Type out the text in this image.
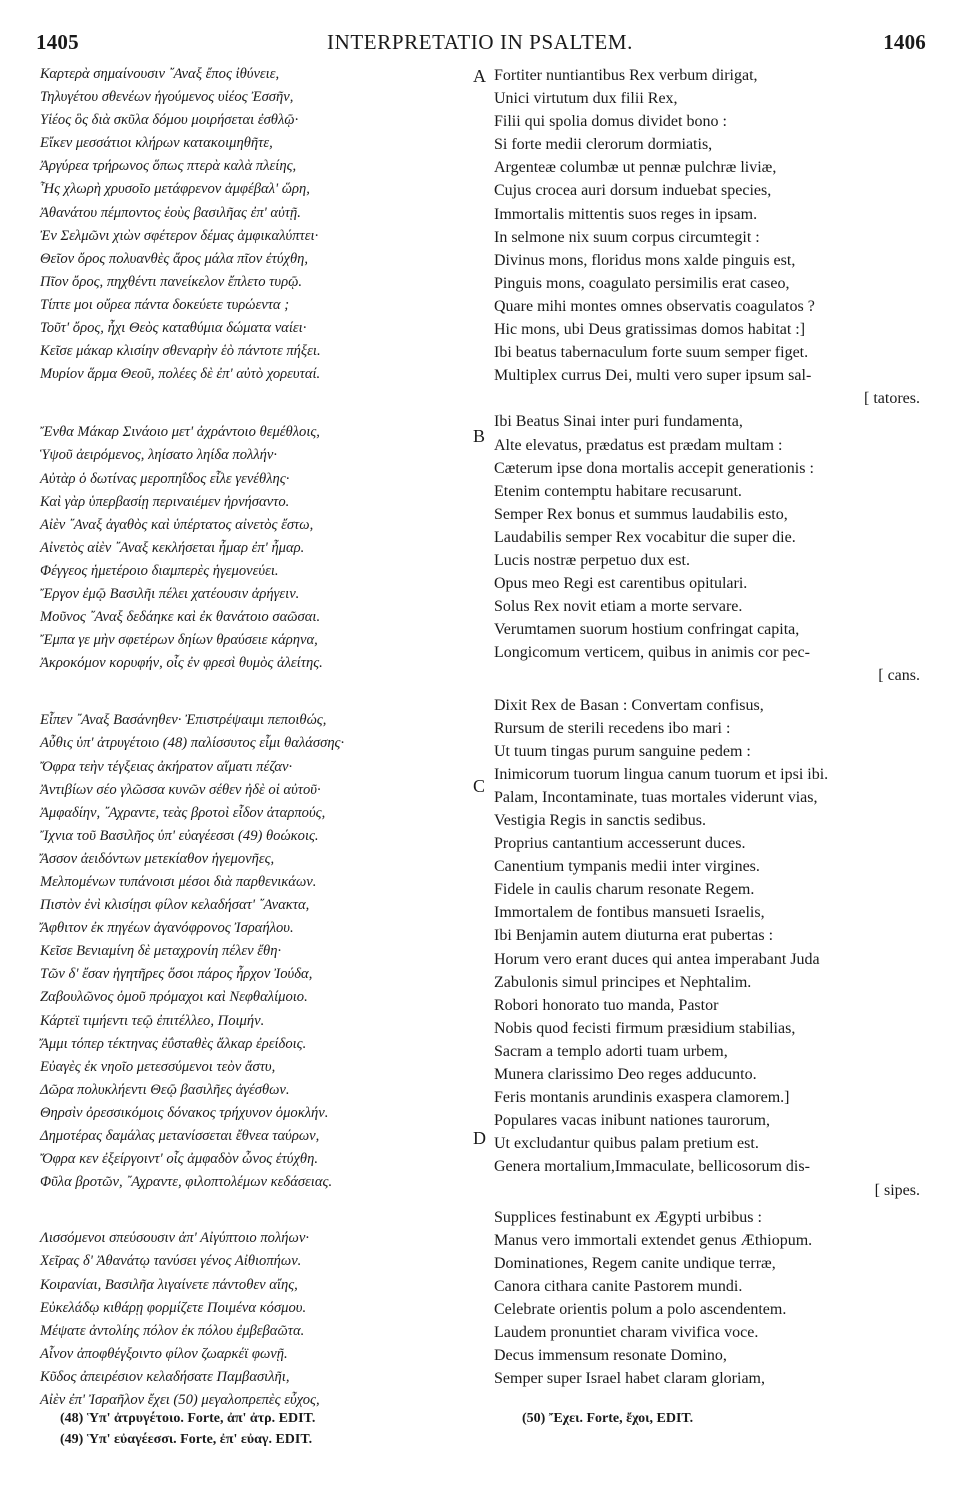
1405	INTERPRETATIO IN PSALTEM.	1406
A
B
C
D
Καρτερὰ σημαίνουσιν ῎Αναξ ἔπος ἰθύνειε,
Τηλυγέτου σθενέων ἡγούμενος υἱέος Ἐσσῆν,
Υἱέος ὃς διὰ σκῦλα δόμου μοιρήσεται ἐσθλῷ·
Εἴκεν μεσσάτιοι κλήρων κατακοιμηθῆτε,
Ἀργύρεα τρήρωνος ὅπως πτερὰ καλὰ πλείης,
Ἧς χλωρὴ χρυσοῖο μετάφρενον ἀμφέβαλ' ὥρη,
Ἀθανάτου πέμποντος ἑοὺς βασιλῆας ἐπ' αὐτῇ.
Ἐν Σελμῶνι χιὼν σφέτερον δέμας ἀμφικαλύπτει·
Θεῖον ὄρος πολυανθὲς ἄρος μάλα πῖον ἐτύχθη,
Πῖον ὄρος, πηχθέντι πανείκελον ἔπλετο τυρῷ.
Τίπτε μοι οὔρεα πάντα δοκεύετε τυρώεντα ;
Τοῦτ' ὄρος, ἧχι Θεὸς καταθύμια δώματα ναίει·
Κεῖσε μάκαρ κλισίην σθεναρὴν ἑὸ πάντοτε πήξει.
Μυρίον ἅρμα Θεοῦ, πολέες δὲ ἐπ' αὐτὸ χορευταί.
Ἔνθα Μάκαρ Σινάοιο μετ' ἀχράντοιο θεμέθλοις,
Ὑψοῦ ἀειρόμενος, ληίσατο ληίδα πολλήν·
Αὐτὰρ ὁ δωτίνας μεροπηΐδος εἷλε γενέθλης·
Καὶ γὰρ ὑπερβασίῃ περιναιέμεν ἠρνήσαντο.
Αἰὲν ῎Αναξ ἀγαθὸς καὶ ὑπέρτατος αἰνετὸς ἔστω,
Αἰνετὸς αἰὲν ῎Αναξ κεκλήσεται ἦμαρ ἐπ' ἦμαρ.
Φέγγεος ἡμετέροιο διαμπερὲς ἡγεμονεύει.
Ἔργον ἐμῷ Βασιλῆι πέλει χατέουσιν ἀρήγειν.
Μοῦνος ῎Αναξ δεδάηκε καὶ ἐκ θανάτοιο σαῶσαι.
Ἔμπα γε μὴν σφετέρων δηίων θραύσειε κάρηνα,
Ἀκροκόμον κορυφήν, οἷς ἐν φρεσὶ θυμὸς ἀλείτης.
Εἶπεν ῎Αναξ Βασάνηθεν· Ἐπιστρέψαιμι πεποιθώς,
Αὖθις ὑπ' ἀτρυγέτοιο (48) παλίσσυτος εἶμι θαλάσσης·
Ὄφρα τεὴν τέγξειας ἀκήρατον αἵματι πέζαν·
Ἀντιβίων σέο γλῶσσα κυνῶν σέθεν ἠδὲ οἱ αὐτοῦ·
Ἀμφαδίην, ῎Αχραντε, τεὰς βροτοὶ εἶδον ἀταρπούς,
Ἴχνια τοῦ Βασιλῆος ὑπ' εὐαγέεσσι (49) θοώκοις.
Ἄσσον ἀειδόντων μετεκίαθον ἡγεμονῆες,
Μελπομένων τυπάνοισι μέσοι διὰ παρθενικάων.
Πιστὸν ἐνὶ κλισίῃσι φίλον κελαδήσατ' ῎Ανακτα,
Ἄφθιτον ἐκ πηγέων ἀγανόφρονος Ἰσραήλου.
Κεῖσε Βενιαμίνη δὲ μεταχρονίη πέλεν ἔθη·
Τῶν δ' ἔσαν ἡγητῆρες ὅσοι πάρος ἦρχον Ἰούδα,
Ζαβουλῶνος ὁμοῦ πρόμαχοι καὶ Νεφθαλίμοιο.
Κάρτεϊ τιμήεντι τεῷ ἐπιτέλλεο, Ποιμήν.
Ἄμμι τόπερ τέκτηνας ἐΰσταθὲς ἄλκαρ ἐρείδοις.
Εὐαγὲς ἐκ νηοῖο μετεσσύμενοι τεὸν ἄστυ,
Δῶρα πολυκλήεντι Θεῷ βασιλῆες ἀγέσθων.
Θηρσὶν ὀρεσσικόμοις δόνακος τρήχυνον ὁμοκλήν.
Δημοτέρας δαμάλας μετανίσσεται ἔθνεα ταύρων,
Ὄφρα κεν ἐξείργοιντ' οἷς ἀμφαδὸν ὦνος ἐτύχθη.
Φῦλα βροτῶν, ῎Αχραντε, φιλοπτολέμων κεδάσειας.
Λισσόμενοι σπεύσουσιν ἀπ' Αἰγύπτοιο πολήων·
Χεῖρας δ' Ἀθανάτῳ τανύσει γένος Αἰθιοπήων.
Κοιρανίαι, Βασιλῆα λιγαίνετε πάντοθεν αἴης,
Εὐκελάδῳ κιθάρῃ φορμίζετε Ποιμένα κόσμου.
Μέψατε ἀντολίης πόλον ἐκ πόλου ἐμβεβαῶτα.
Αἶνον ἀποφθέγξοιντο φίλον ζωαρκέϊ φωνῇ.
Κῦδος ἀπειρέσιον κελαδήσατε Παμβασιλῆι,
Αἰὲν ἐπ' Ἰσραῆλον ἔχει (50) μεγαλοπρεπὲς εὖχος,
Fortiter nuntiantibus Rex verbum dirigat,
Unici virtutum dux filii Rex,
Filii qui spolia domus dividet bono :
Si forte medii clerorum dormiatis,
Argenteæ columbæ ut pennæ pulchræ liviæ,
Cujus crocea auri dorsum induebat species,
Immortalis mittentis suos reges in ipsam.
In selmone nix suum corpus circumtegit :
Divinus mons, floridus mons xalde pinguis est,
Pinguis mons, coagulato persimilis erat caseo,
Quare mihi montes omnes observatis coagulatos ?
Hic mons, ubi Deus gratissimas domos habitat :]
Ibi beatus tabernaculum forte suum semper figet.
Multiplex currus Dei, multi vero super ipsum sal-
[ tatores.
Ibi Beatus Sinai inter puri fundamenta,
Alte elevatus, prædatus est prædam multam :
Cæterum ipse dona mortalis accepit generationis :
Etenim contemptu habitare recusarunt.
Semper Rex bonus et summus laudabilis esto,
Laudabilis semper Rex vocabitur die super die.
Lucis nostræ perpetuo dux est.
Opus meo Regi est carentibus opitulari.
Solus Rex novit etiam a morte servare.
Verumtamen suorum hostium confringat capita,
Longicomum verticem, quibus in animis cor pec-
[ cans.
Dixit Rex de Basan : Convertam confisus,
Rursum de sterili recedens ibo mari :
Ut tuum tingas purum sanguine pedem :
Inimicorum tuorum lingua canum tuorum et ipsi ibi.
Palam, Incontaminate, tuas mortales viderunt vias,
Vestigia Regis in sanctis sedibus.
Proprius cantantium accesserunt duces.
Canentium tympanis medii inter virgines.
Fidele in caulis charum resonate Regem.
Immortalem de fontibus mansueti Israelis,
Ibi Benjamin autem diuturna erat pubertas :
Horum vero erant duces qui antea imperabant Juda
Zabulonis simul principes et Nephtalim.
Robori honorato tuo manda, Pastor
Nobis quod fecisti firmum præsidium stabilias,
Sacram a templo adorti tuam urbem,
Munera clarissimo Deo reges adducunto.
Feris montanis arundinis exaspera clamorem.]
Populares vacas inibunt nationes taurorum,
Ut excludantur quibus palam pretium est.
Genera mortalium,Immaculate, bellicosorum dis-
[ sipes.
Supplices festinabunt ex Ægypti urbibus :
Manus vero immortali extendet genus Æthiopum.
Dominationes, Regem canite undique terræ,
Canora cithara canite Pastorem mundi.
Celebrate orientis polum a polo ascendentem.
Laudem pronuntiet charam vivifica voce.
Decus immensum resonate Domino,
Semper super Israel habet claram gloriam,
(48) Ὑπ' ἀτρυγέτοιο. Forte, ἀπ' ἀτρ. EDIT.
(49) Ὑπ' εὐαγέεσσι. Forte, ἐπ' εὐαγ. EDIT.
(50) Ἔχει. Forte, ἔχοι, EDIT.
